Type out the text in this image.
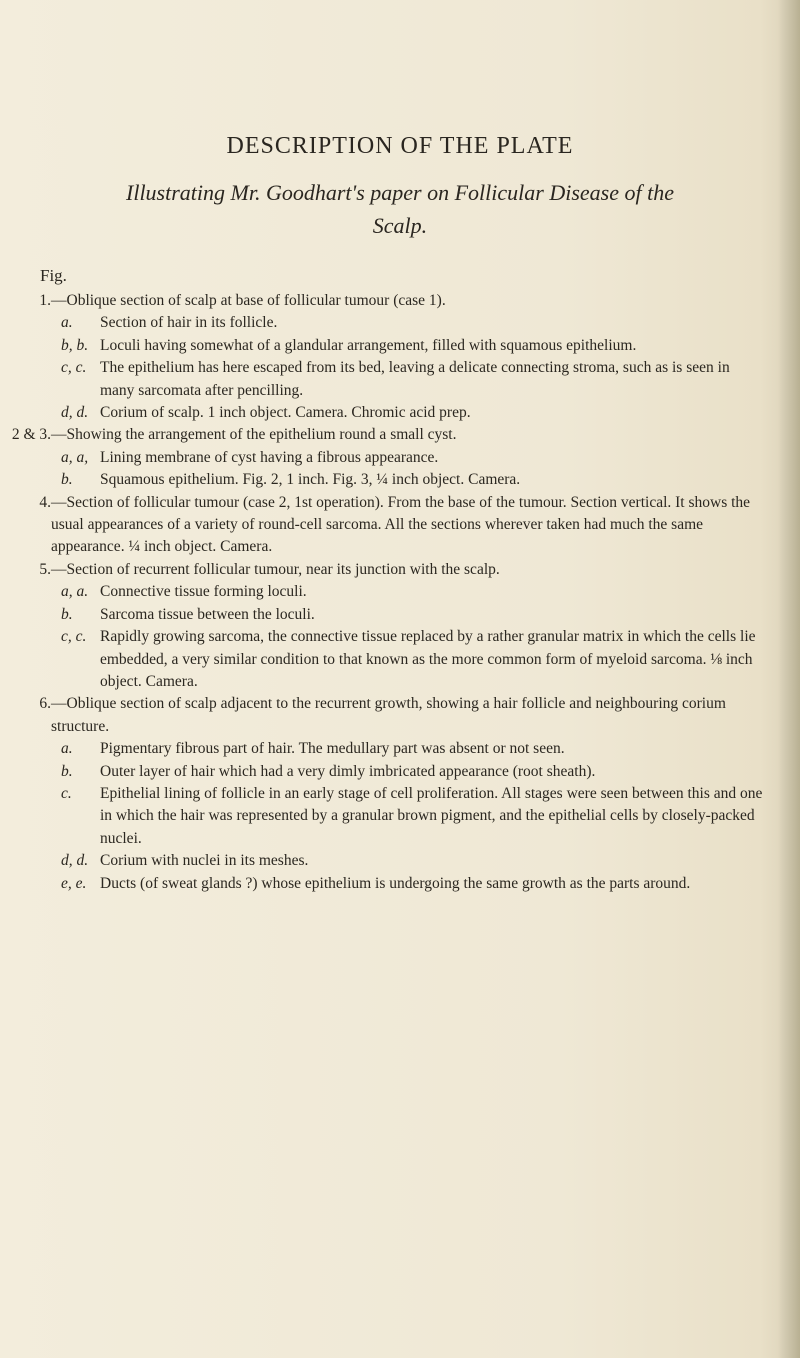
DESCRIPTION OF THE PLATE
Illustrating Mr. Goodhart's paper on Follicular Disease of the Scalp.
Fig.
1. —Oblique section of scalp at base of follicular tumour (case 1).
a. Section of hair in its follicle.
b, b. Loculi having somewhat of a glandular arrangement, filled with squamous epithelium.
c, c. The epithelium has here escaped from its bed, leaving a delicate connecting stroma, such as is seen in many sarcomata after pencilling.
d, d. Corium of scalp. 1 inch object. Camera. Chromic acid prep.
2 & 3. —Showing the arrangement of the epithelium round a small cyst.
a, a, Lining membrane of cyst having a fibrous appearance.
b. Squamous epithelium. Fig. 2, 1 inch. Fig. 3, ¼ inch object. Camera.
4. —Section of follicular tumour (case 2, 1st operation). From the base of the tumour. Section vertical. It shows the usual appearances of a variety of round-cell sarcoma. All the sections wherever taken had much the same appearance. ¼ inch object. Camera.
5. —Section of recurrent follicular tumour, near its junction with the scalp.
a, a. Connective tissue forming loculi.
b. Sarcoma tissue between the loculi.
c, c. Rapidly growing sarcoma, the connective tissue replaced by a rather granular matrix in which the cells lie embedded, a very similar condition to that known as the more common form of myeloid sarcoma. ⅛ inch object. Camera.
6. —Oblique section of scalp adjacent to the recurrent growth, showing a hair follicle and neighbouring corium structure.
a. Pigmentary fibrous part of hair. The medullary part was absent or not seen.
b. Outer layer of hair which had a very dimly imbricated appearance (root sheath).
c. Epithelial lining of follicle in an early stage of cell proliferation. All stages were seen between this and one in which the hair was represented by a granular brown pigment, and the epithelial cells by closely-packed nuclei.
d, d. Corium with nuclei in its meshes.
e, e. Ducts (of sweat glands ?) whose epithelium is undergoing the same growth as the parts around.
